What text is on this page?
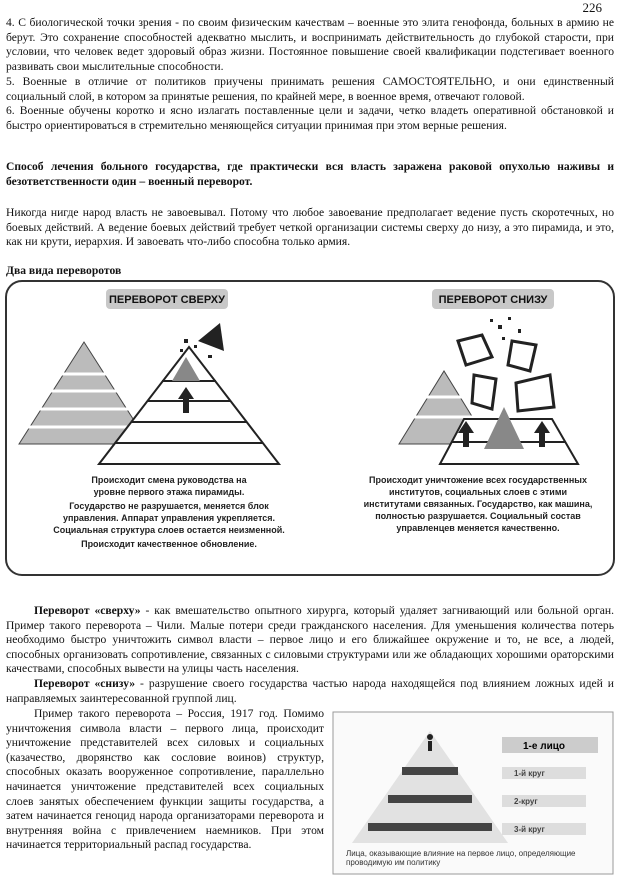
226

4. С биологической точки зрения - по своим физическим качествам – военные это элита генофонда, больных в армию не берут. Это сохранение способностей адекватно мыслить, и воспринимать действительность до глубокой старости, при условии, что человек ведет здоровый образ жизни. Постоянное повышение своей квалификации подстегивает военного развивать свои мыслительные способности.

5. Военные в отличие от политиков приучены принимать решения САМОСТОЯТЕЛЬНО, и они единственный социальный слой, в котором за принятые решения, по крайней мере, в военное время, отвечают головой.

6. Военные обучены коротко и ясно излагать поставленные цели и задачи, четко владеть оперативной обстановкой и быстро ориентироваться в стремительно меняющейся ситуации принимая при этом верные решения.

Способ лечения больного государства, где практически вся власть заражена раковой опухолью наживы и безответственности один – военный переворот.

Никогда нигде народ власть не завоевывал. Потому что любое завоевание предполагает ведение пусть скоротечных, но боевых действий. А ведение боевых действий требует четкой организации системы сверху до низу, а это пирамида, и это, как ни крути, иерархия. И завоевать что-либо способна только армия.

Два вида переворотов

ПЕРЕВОРОТ СВЕРХУ
Происходит смена руководства на
уровне первого этажа пирамиды.
Государство не разрушается, меняется блок
управления. Аппарат управления укрепляется.
Социальная структура слоев остается неизменной.
Происходит качественное обновление.
ПЕРЕВОРОТ СНИЗУ
Происходит уничтожение всех государственных
институтов, социальных слоев с этими
институтами связанных. Государство, как машина,
полностью разрушается. Социальный состав
управленцев меняется качественно.

Переворот «сверху» - как вмешательство опытного хирурга, который удаляет загнивающий или больной орган. Пример такого переворота – Чили. Малые потери среди гражданского населения. Для уменьшения количества потерь необходимо быстро уничтожить символ власти – первое лицо и его ближайшее окружение и то, не все, а людей, способных организовать сопротивление, связанных с силовыми структурами или же обладающих хорошими ораторскими качествами, способных вывести на улицы часть населения.

Переворот «снизу» - разрушение своего государства частью народа находящейся под влиянием ложных идей и направляемых заинтересованной группой лиц.

Пример такого переворота – Россия, 1917 год. Помимо уничтожения символа власти – первого лица, происходит уничтожение представителей всех силовых и социальных (казачество, дворянство как сословие воинов) структур, способных оказать вооруженное сопротивление, параллельно начинается уничтожение представителей всех социальных слоев занятых обеспечением функции защиты государства, а затем начинается геноцид народа организаторами переворота и внутренняя война с привлечением наемников. При этом начинается территориальный распад государства.

1-е лицо
1-й круг
2-круг
3-й круг
Лица, оказывающие влияние на первое лицо, определяющие проводимую им политику
